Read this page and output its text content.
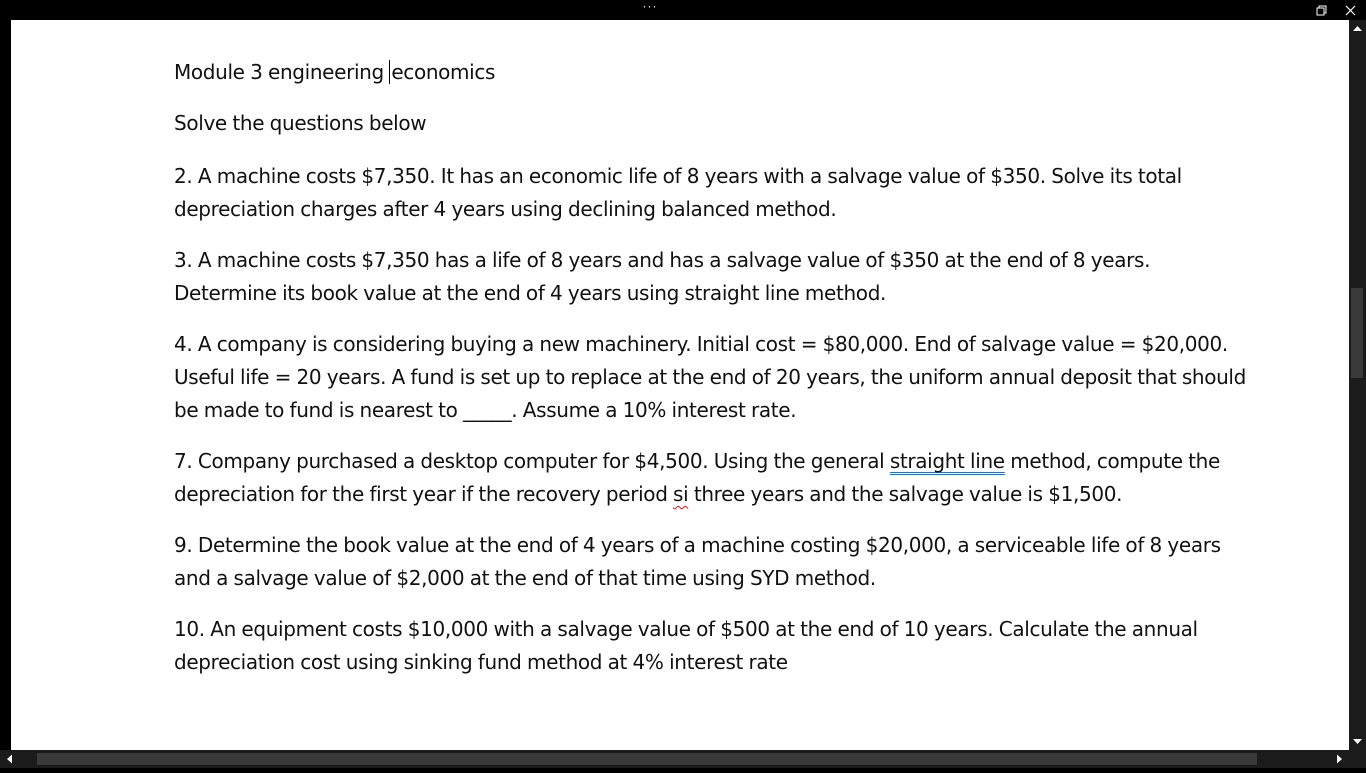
···

Module 3 engineering economics

Solve the questions below

2. A machine costs $7,350. It has an economic life of 8 years with a salvage value of $350. Solve its total depreciation charges after 4 years using declining balanced method.

3. A machine costs $7,350 has a life of 8 years and has a salvage value of $350 at the end of 8 years. Determine its book value at the end of 4 years using straight line method.

4. A company is considering buying a new machinery. Initial cost = $80,000. End of salvage value = $20,000. Useful life = 20 years. A fund is set up to replace at the end of 20 years, the uniform annual deposit that should be made to fund is nearest to _____. Assume a 10% interest rate.

7. Company purchased a desktop computer for $4,500. Using the general straight line method, compute the depreciation for the first year if the recovery period si three years and the salvage value is $1,500.

9. Determine the book value at the end of 4 years of a machine costing $20,000, a serviceable life of 8 years and a salvage value of $2,000 at the end of that time using SYD method.

10. An equipment costs $10,000 with a salvage value of $500 at the end of 10 years. Calculate the annual depreciation cost using sinking fund method at 4% interest rate
